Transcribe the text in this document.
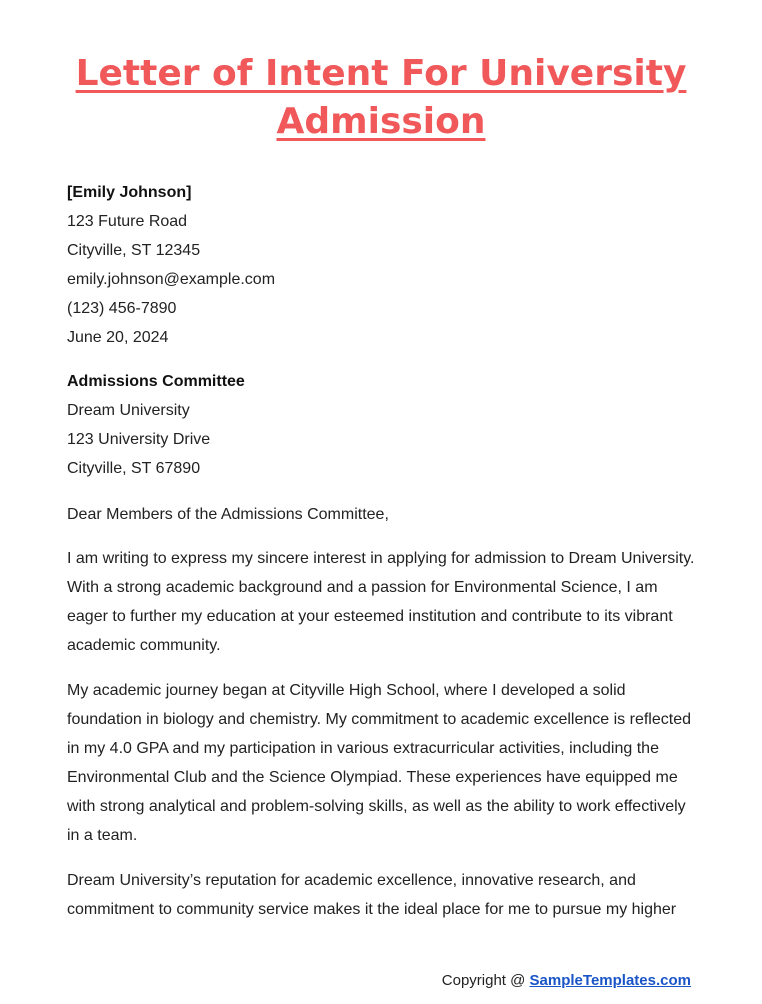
Letter of Intent For University Admission
[Emily Johnson]
123 Future Road
Cityville, ST 12345
emily.johnson@example.com
(123) 456-7890
June 20, 2024
Admissions Committee
Dream University
123 University Drive
Cityville, ST 67890

Dear Members of the Admissions Committee,

I am writing to express my sincere interest in applying for admission to Dream University. With a strong academic background and a passion for Environmental Science, I am eager to further my education at your esteemed institution and contribute to its vibrant academic community.

My academic journey began at Cityville High School, where I developed a solid foundation in biology and chemistry. My commitment to academic excellence is reflected in my 4.0 GPA and my participation in various extracurricular activities, including the Environmental Club and the Science Olympiad. These experiences have equipped me with strong analytical and problem-solving skills, as well as the ability to work effectively in a team.

Dream University’s reputation for academic excellence, innovative research, and commitment to community service makes it the ideal place for me to pursue my higher

Copyright @ SampleTemplates.com
